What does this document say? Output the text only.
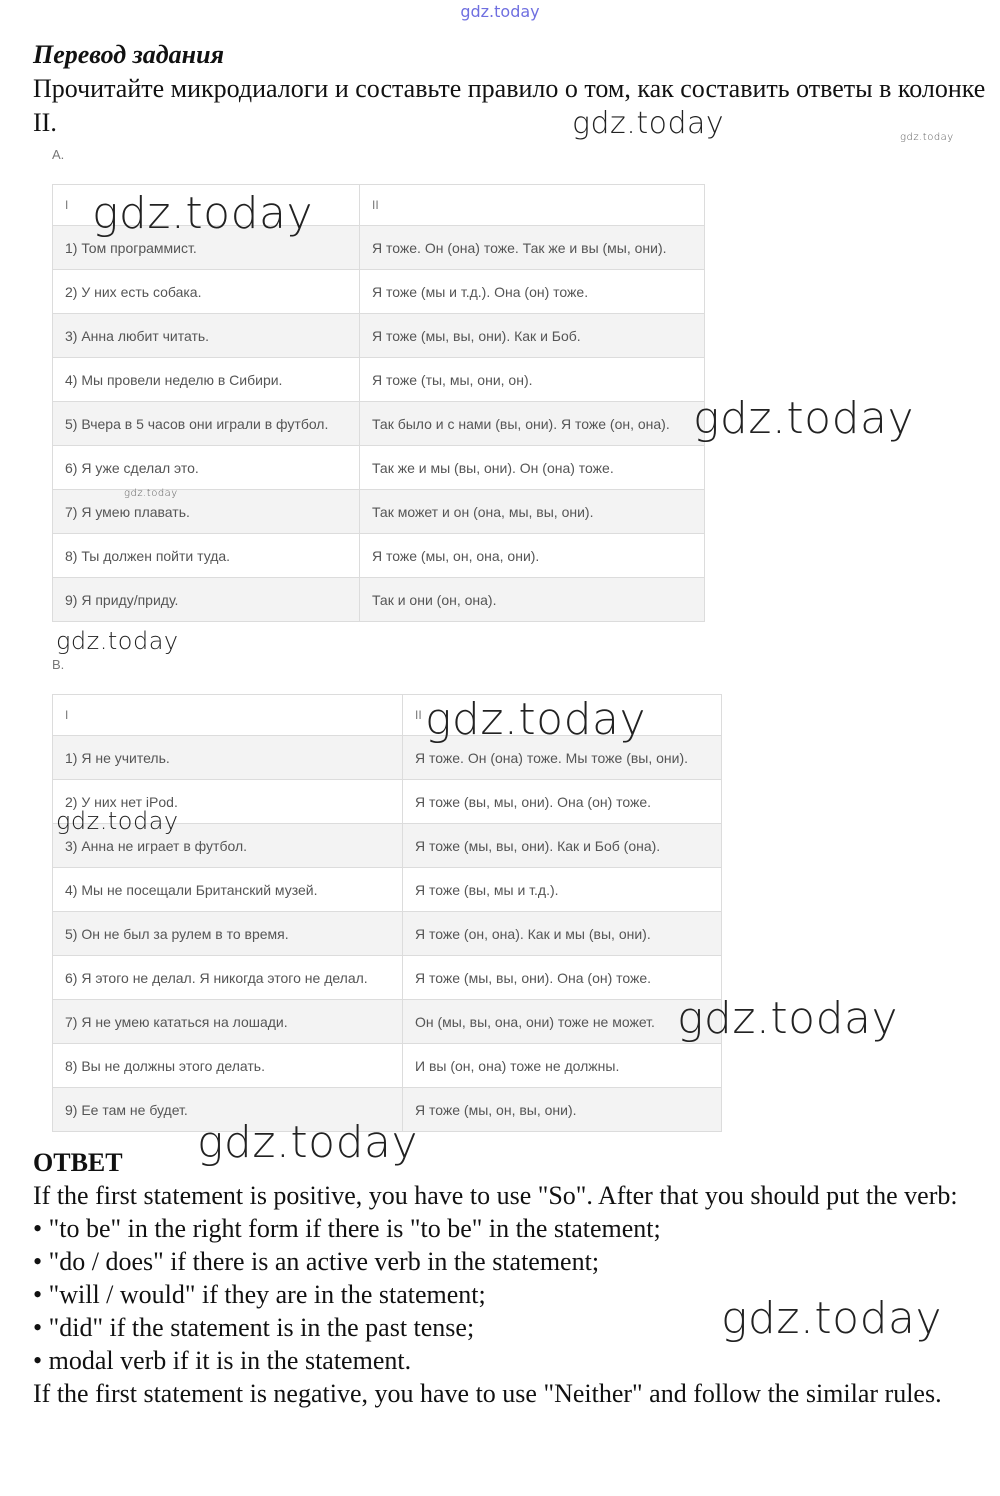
gdz.today
Перевод задания
Прочитайте микродиалоги и составьте правило о том, как составить ответы в колонке II.
A.
I	II
1) Том программист.	Я тоже. Он (она) тоже. Так же и вы (мы, они).
2) У них есть собака.	Я тоже (мы и т.д.). Она (он) тоже.
3) Анна любит читать.	Я тоже (мы, вы, они). Как и Боб.
4) Мы провели неделю в Сибири.	Я тоже (ты, мы, они, он).
5) Вчера в 5 часов они играли в футбол.	Так было и с нами (вы, они). Я тоже (он, она).
6) Я уже сделал это.	Так же и мы (вы, они). Он (она) тоже.
7) Я умею плавать.	Так может и он (она, мы, вы, они).
8) Ты должен пойти туда.	Я тоже (мы, он, она, они).
9) Я приду/приду.	Так и они (он, она).
B.
I	II
1) Я не учитель.	Я тоже. Он (она) тоже. Мы тоже (вы, они).
2) У них нет iPod.	Я тоже (вы, мы, они). Она (он) тоже.
3) Анна не играет в футбол.	Я тоже (мы, вы, они). Как и Боб (она).
4) Мы не посещали Британский музей.	Я тоже (вы, мы и т.д.).
5) Он не был за рулем в то время.	Я тоже (он, она). Как и мы (вы, они).
6) Я этого не делал. Я никогда этого не делал.	Я тоже (мы, вы, они). Она (он) тоже.
7) Я не умею кататься на лошади.	Он (мы, вы, она, они) тоже не может.
8) Вы не должны этого делать.	И вы (он, она) тоже не должны.
9) Ее там не будет.	Я тоже (мы, он, вы, они).
ОТВЕТ

If the first statement is positive, you have to use "So". After that you should put the verb:

• "to be" in the right form if there is "to be" in the statement;

• "do / does" if there is an active verb in the statement;

• "will / would" if they are in the statement;

• "did" if the statement is in the past tense;

• modal verb if it is in the statement.

If the first statement is negative, you have to use "Neither" and follow the similar rules.

gdz.today	gdz.today
gdz.today
gdz.today
gdz.today
gdz.today
gdz.today
gdz.today
gdz.today
gdz.today
gdz.today
